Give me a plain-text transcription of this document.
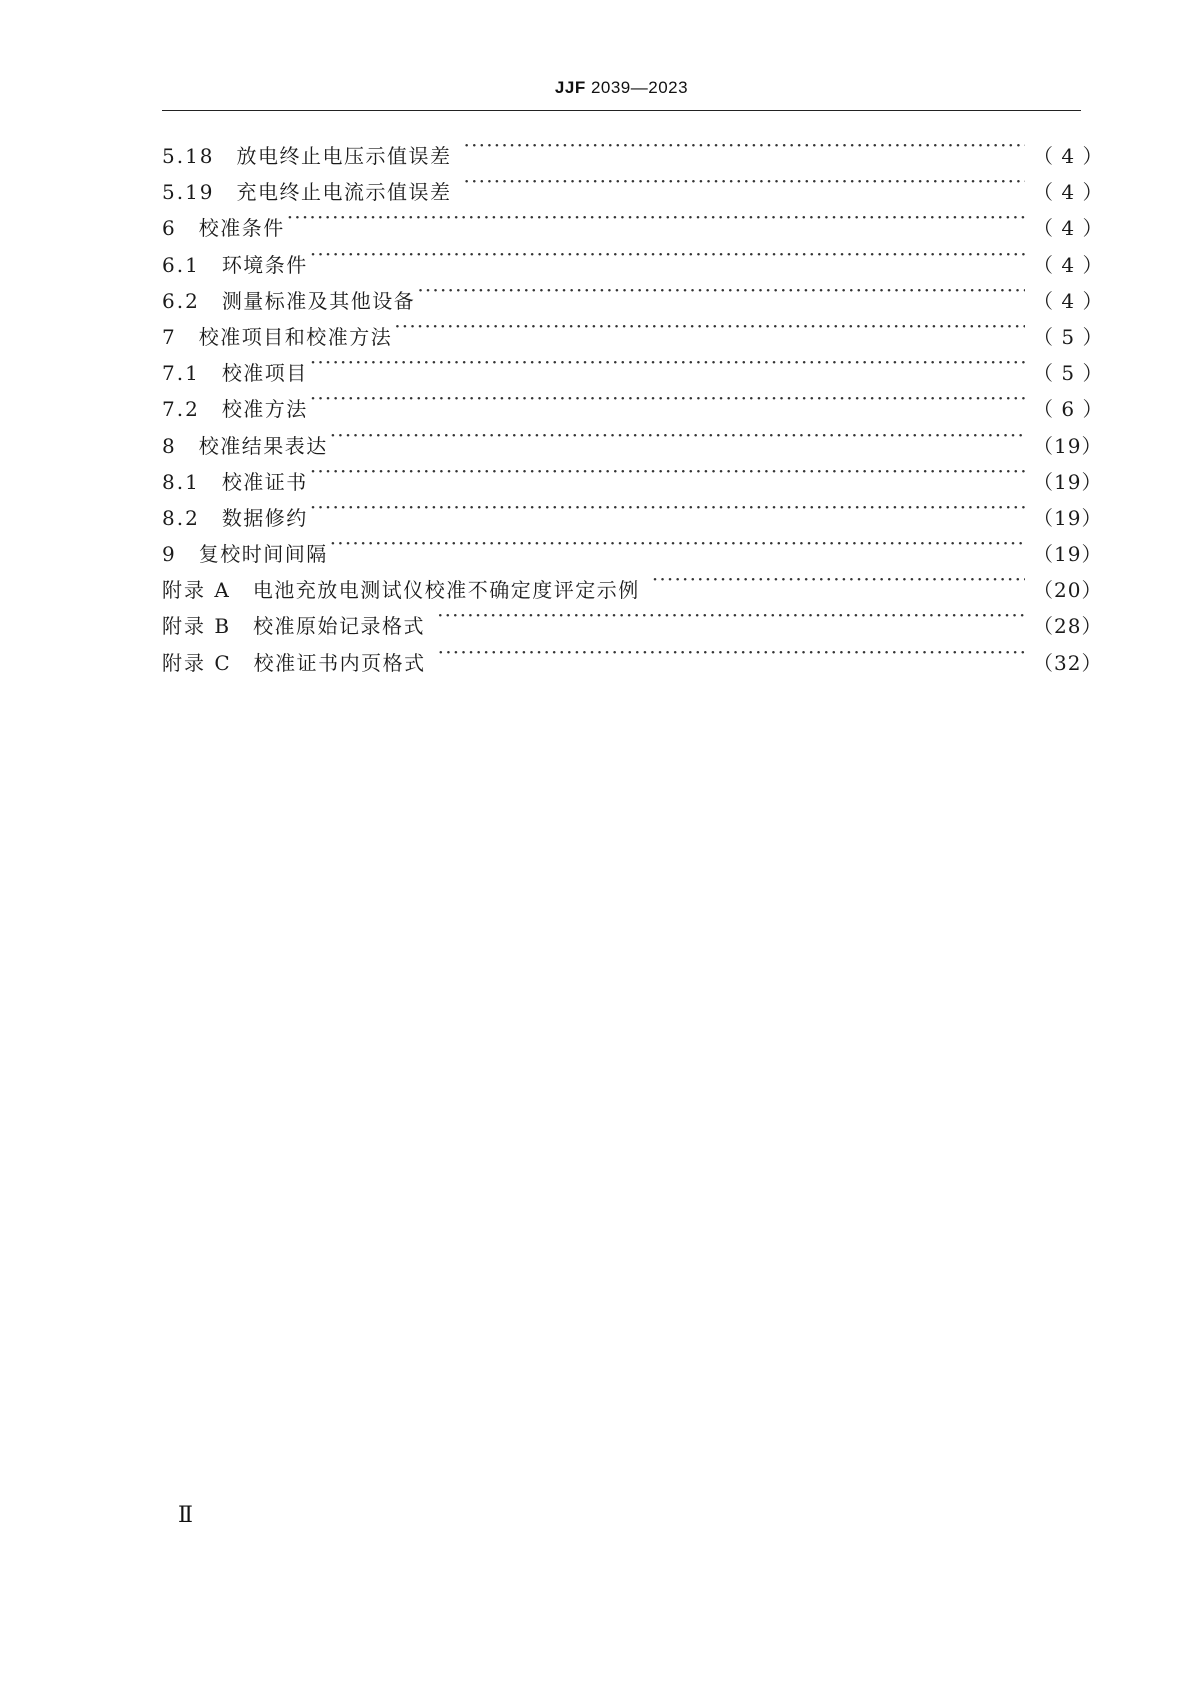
JJF 2039—2023
5.18 放电终止电压示值误差 ·····	（ 4 ）
5.19 充电终止电流示值误差 ·····	（ 4 ）
6 校准条件 ·····	（ 4 ）
6.1 环境条件 ·····	（ 4 ）
6.2 测量标准及其他设备 ·····	（ 4 ）
7 校准项目和校准方法 ·····	（ 5 ）
7.1 校准项目 ·····	（ 5 ）
7.2 校准方法 ·····	（ 6 ）
8 校准结果表达 ·····	（19）
8.1 校准证书 ·····	（19）
8.2 数据修约 ·····	（19）
9 复校时间间隔 ·····	（19）
附录 A 电池充放电测试仪校准不确定度评定示例 ·····	（20）
附录 B 校准原始记录格式 ·····	（28）
附录 C 校准证书内页格式 ·····	（32）
Ⅱ
